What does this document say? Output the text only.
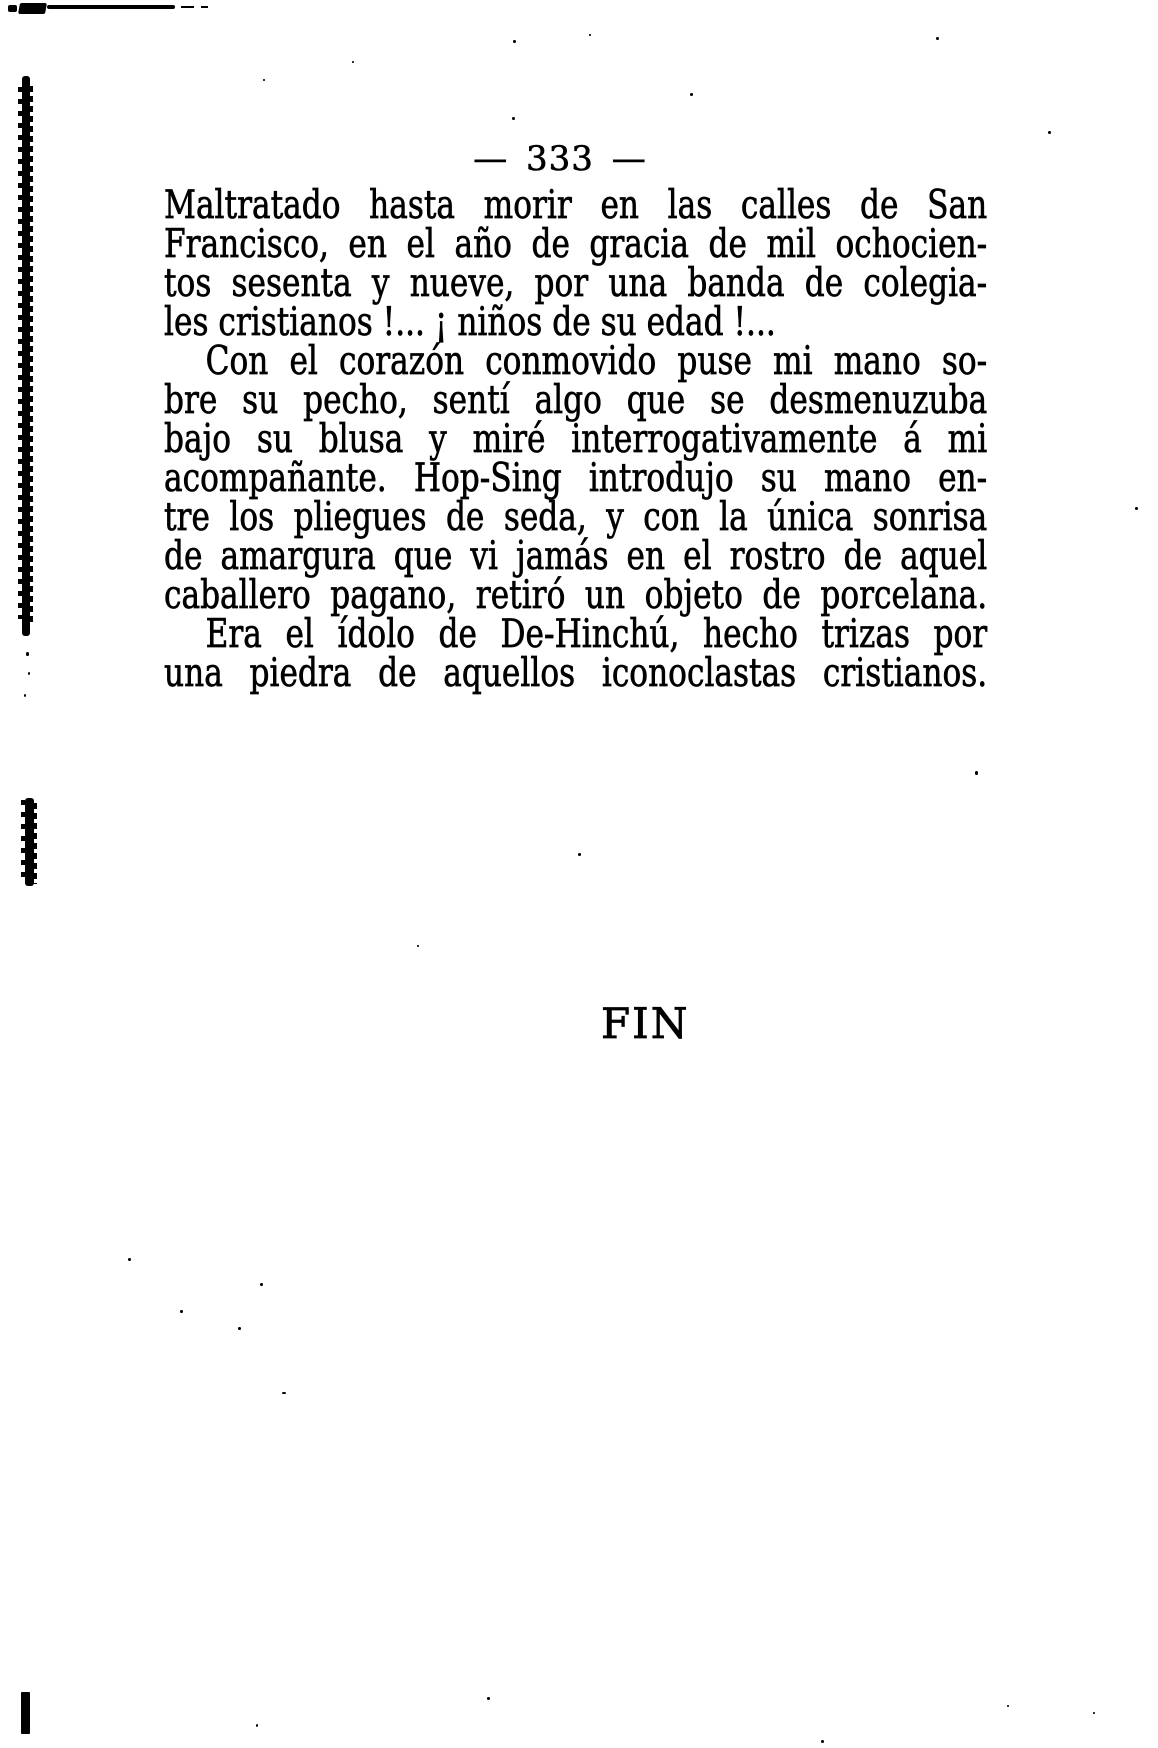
— 333 —
Maltratado hasta morir en las calles de San
Francisco, en el año de gracia de mil ochocien-
tos sesenta y nueve, por una banda de colegia-
les cristianos !... ¡ niños de su edad !...
Con el corazón conmovido puse mi mano so-
bre su pecho, sentí algo que se desmenuzuba
bajo su blusa y miré interrogativamente á mi
acompañante. Hop-Sing introdujo su mano en-
tre los pliegues de seda, y con la única sonrisa
de amargura que vi jamás en el rostro de aquel
caballero pagano, retiró un objeto de porcelana.
Era el ídolo de De-Hinchú, hecho trizas por
una piedra de aquellos iconoclastas cristianos.
FIN
